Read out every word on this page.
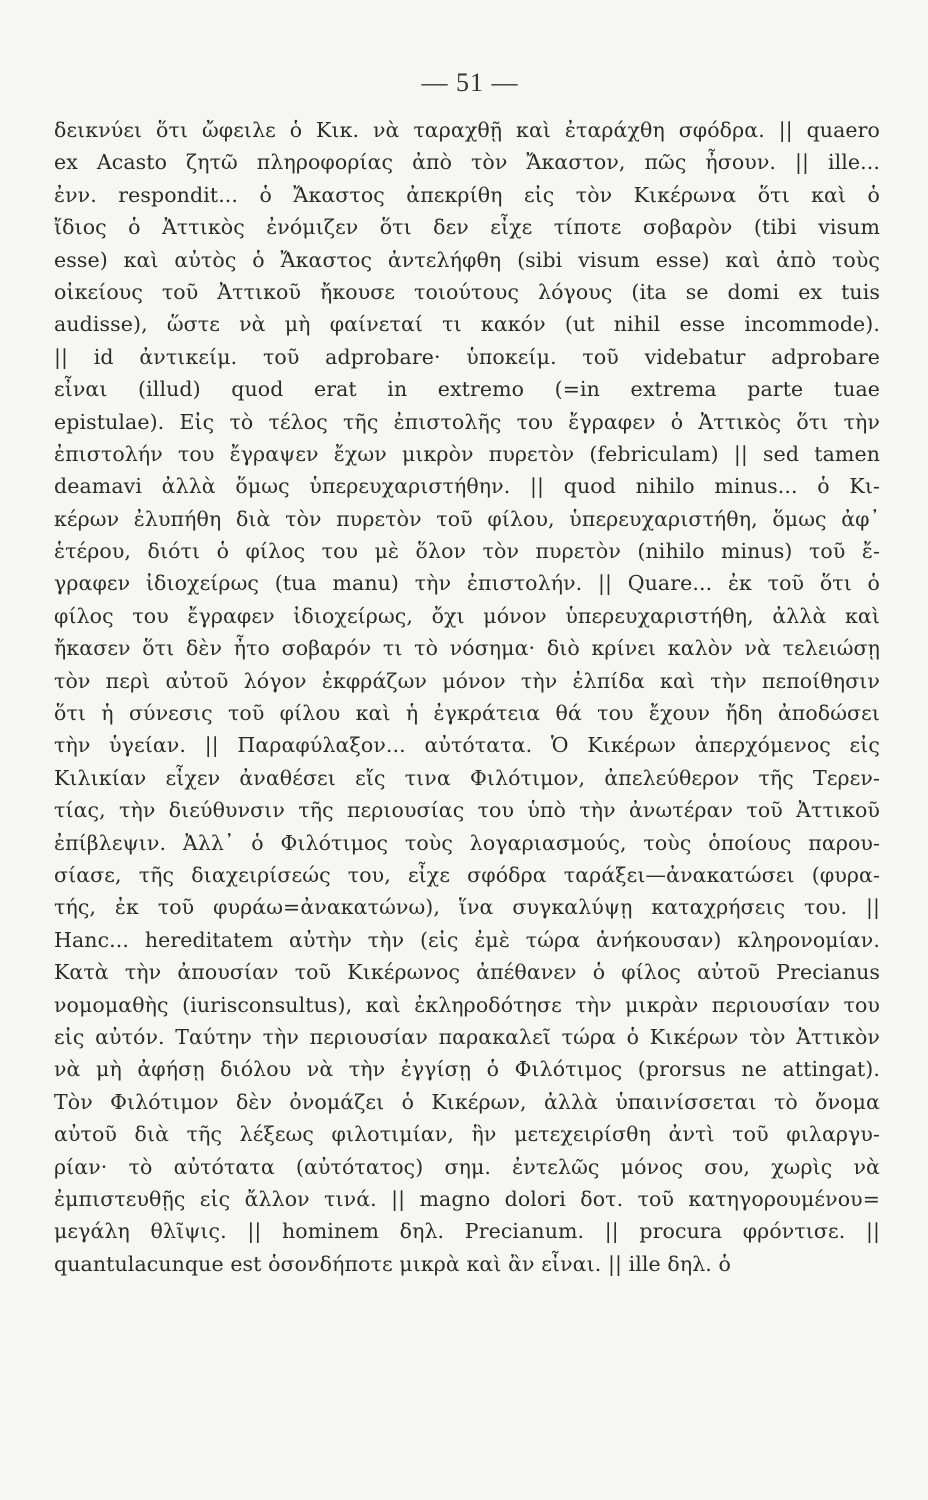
— 51 —
δεικνύει ὅτι ὤφειλε ὁ Κικ. νὰ ταραχθῇ καὶ ἐταράχθη σφόδρα. || quaero
ex Acasto ζητῶ πληροφορίας ἀπὸ τὸν Ἄκαστον, πῶς ἦσουν. || ille...
ἐνν. respondit... ὁ Ἄκαστος ἀπεκρίθη εἰς τὸν Κικέρωνα ὅτι καὶ ὁ
ἴδιος ὁ Ἀττικὸς ἐνόμιζεν ὅτι δεν εἶχε τίποτε σοβαρὸν (tibi visum
esse) καὶ αὐτὸς ὁ Ἄκαστος ἀντελήφθη (sibi visum esse) καὶ ἀπὸ τοὺς
οἰκείους τοῦ Ἀττικοῦ ἤκουσε τοιούτους λόγους (ita se domi ex tuis
audisse), ὥστε νὰ μὴ φαίνεταί τι κακόν (ut nihil esse incommode).
|| id ἀντικείμ. τοῦ adprobare· ὑποκείμ. τοῦ videbatur adprobare
εἶναι (illud) quod erat in extremo (=in extrema parte tuae
epistulae). Εἰς τὸ τέλος τῆς ἐπιστολῆς του ἔγραφεν ὁ Ἀττικὸς ὅτι τὴν
ἐπιστολήν του ἔγραψεν ἔχων μικρὸν πυρετὸν (febriculam) || sed tamen
deamavi ἀλλὰ ὅμως ὑπερευχαριστήθην. || quod nihilo minus... ὁ Κι-
κέρων ἐλυπήθη διὰ τὸν πυρετὸν τοῦ φίλου, ὑπερευχαριστήθη, ὅμως ἀφ᾽
ἑτέρου, διότι ὁ φίλος του μὲ ὅλον τὸν πυρετὸν (nihilo minus) τοῦ ἔ-
γραφεν ἰδιοχείρως (tua manu) τὴν ἐπιστολήν. || Quare... ἐκ τοῦ ὅτι ὁ
φίλος του ἔγραφεν ἰδιοχείρως, ὄχι μόνον ὑπερευχαριστήθη, ἀλλὰ καὶ
ἤκασεν ὅτι δὲν ἦτο σοβαρόν τι τὸ νόσημα· διὸ κρίνει καλὸν νὰ τελειώσῃ
τὸν περὶ αὐτοῦ λόγον ἐκφράζων μόνον τὴν ἐλπίδα καὶ τὴν πεποίθησιν
ὅτι ἡ σύνεσις τοῦ φίλου καὶ ἡ ἐγκράτεια θά του ἔχουν ἤδη ἀποδώσει
τὴν ὑγείαν. || Παραφύλαξον... αὐτότατα. Ὁ Κικέρων ἀπερχόμενος εἰς
Κιλικίαν εἶχεν ἀναθέσει εἴς τινα Φιλότιμον, ἀπελεύθερον τῆς Τερεν-
τίας, τὴν διεύθυνσιν τῆς περιουσίας του ὑπὸ τὴν ἀνωτέραν τοῦ Ἀττικοῦ
ἐπίβλεψιν. Ἀλλ᾽ ὁ Φιλότιμος τοὺς λογαριασμούς, τοὺς ὁποίους παρου-
σίασε, τῆς διαχειρίσεώς του, εἶχε σφόδρα ταράξει—ἀνακατώσει (φυρα-
τής, ἐκ τοῦ φυράω=ἀνακατώνω), ἵνα συγκαλύψῃ καταχρήσεις του. ||
Hanc... hereditatem αὐτὴν τὴν (εἰς ἐμὲ τώρα ἀνήκουσαν) κληρονομίαν.
Κατὰ τὴν ἀπουσίαν τοῦ Κικέρωνος ἀπέθανεν ὁ φίλος αὐτοῦ Precianus
νομομαθὴς (iurisconsultus), καὶ ἐκληροδότησε τὴν μικρὰν περιουσίαν του
εἰς αὐτόν. Ταύτην τὴν περιουσίαν παρακαλεῖ τώρα ὁ Κικέρων τὸν Ἀττικὸν
νὰ μὴ ἀφήσῃ διόλου νὰ τὴν ἐγγίσῃ ὁ Φιλότιμος (prorsus ne attingat).
Τὸν Φιλότιμον δὲν ὀνομάζει ὁ Κικέρων, ἀλλὰ ὑπαινίσσεται τὸ ὄνομα
αὐτοῦ διὰ τῆς λέξεως φιλοτιμίαν, ἣν μετεχειρίσθη ἀντὶ τοῦ φιλαργυ-
ρίαν· τὸ αὐτότατα (αὐτότατος) σημ. ἐντελῶς μόνος σου, χωρὶς νὰ
ἐμπιστευθῇς εἰς ἄλλον τινά. || magno dolori δοτ. τοῦ κατηγορουμένου=
μεγάλη θλῖψις. || hominem δηλ. Precianum. || procura φρόντισε. ||
quantulacunque est ὁσονδήποτε μικρὰ καὶ ἂν εἶναι. || ille δηλ. ὁ
